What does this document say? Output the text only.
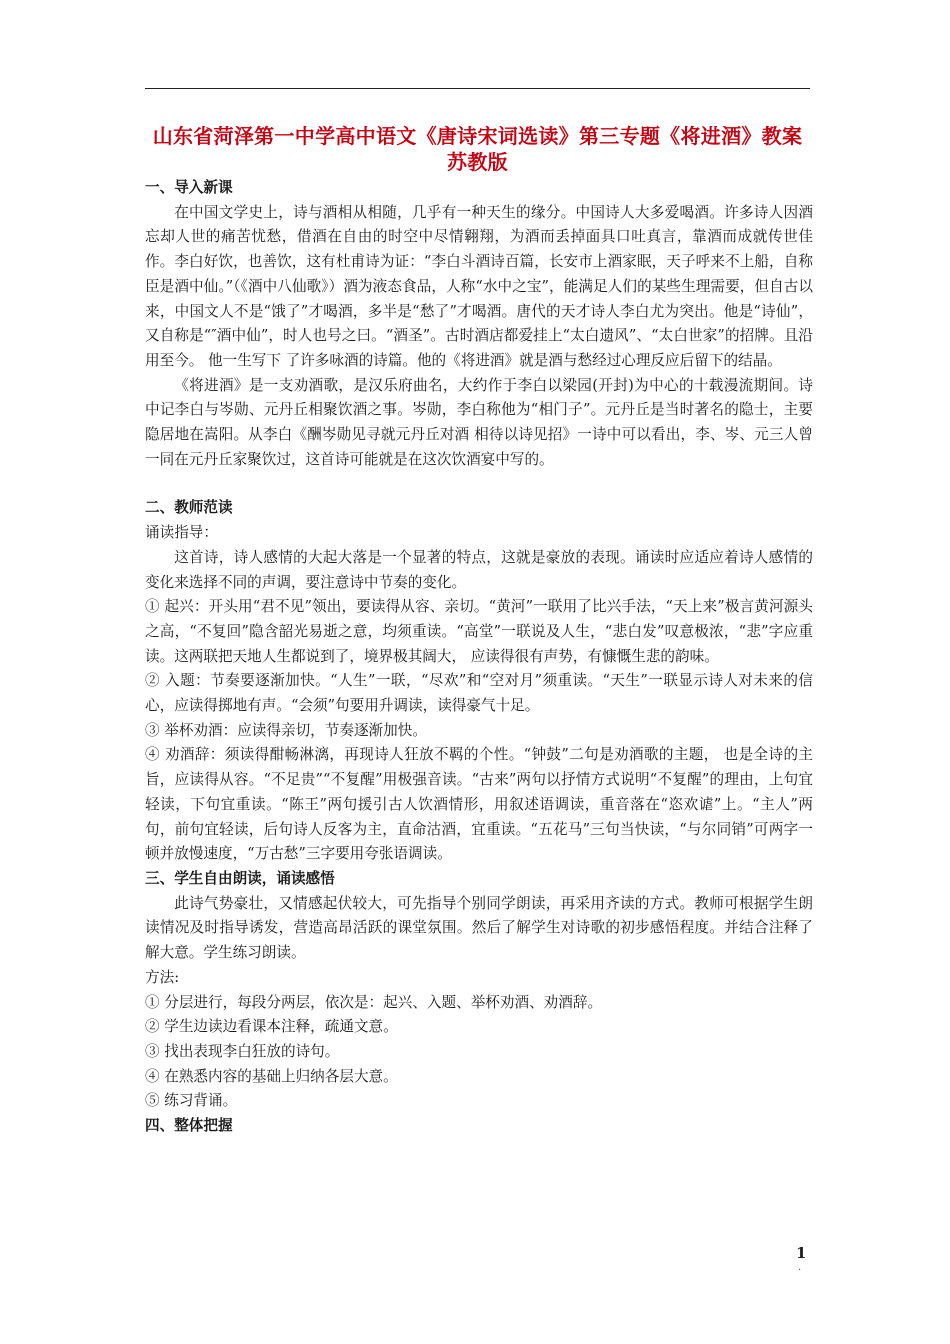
山东省菏泽第一中学高中语文《唐诗宋词选读》第三专题《将进酒》教案 苏教版

一、导入新课

在中国文学史上，诗与酒相从相随，几乎有一种天生的缘分。中国诗人大多爱喝酒。许多诗人因酒忘却人世的痛苦忧愁，借酒在自由的时空中尽情翱翔，为酒而丢掉面具口吐真言，靠酒而成就传世佳作。李白好饮，也善饮，这有杜甫诗为证：“李白斗酒诗百篇，长安市上酒家眠，天子呼来不上船，自称臣是酒中仙。”（《酒中八仙歌》）酒为液态食品，人称“水中之宝”，能满足人们的某些生理需要，但自古以来，中国文人不是“饿了”才喝酒，多半是“愁了”才喝酒。唐代的天才诗人李白尤为突出。他是“诗仙”，又自称是“″酒中仙”，时人也号之曰。“酒圣”。古时酒店都爱挂上“太白遗风”、“太白世家”的招牌。且沿用至今。 他一生写下 了许多咏酒的诗篇。他的《将进酒》就是酒与愁经过心理反应后留下的结晶。

《将进酒》是一支劝酒歌，是汉乐府曲名，大约作于李白以梁园(开封)为中心的十载漫流期间。诗中记李白与岑勋、元丹丘相聚饮酒之事。岑勋，李白称他为“相门子”。元丹丘是当时著名的隐士，主要隐居地在嵩阳。从李白《酬岑勋见寻就元丹丘对酒 相待以诗见招》一诗中可以看出，李、岑、元三人曾一同在元丹丘家聚饮过，这首诗可能就是在这次饮酒宴中写的。

二、教师范读

诵读指导：

这首诗，诗人感情的大起大落是一个显著的特点，这就是豪放的表现。诵读时应适应着诗人感情的变化来选择不同的声调，要注意诗中节奏的变化。

① 起兴：开头用“君不见”领出，要读得从容、亲切。“黄河”一联用了比兴手法，“天上来”极言黄河源头之高，“不复回”隐含韶光易逝之意，均须重读。“高堂”一联说及人生，“悲白发”叹意极浓，“悲”字应重读。这两联把天地人生都说到了，境界极其阔大， 应读得很有声势，有慷慨生悲的韵味。

② 入题：节奏要逐渐加快。“人生”一联，“尽欢”和“空对月”须重读。“天生”一联显示诗人对未来的信心，应读得掷地有声。“会须”句要用升调读，读得豪气十足。

③ 举杯劝酒：应读得亲切，节奏逐渐加快。

④ 劝酒辞：须读得酣畅淋漓，再现诗人狂放不羁的个性。“钟鼓”二句是劝酒歌的主题， 也是全诗的主旨，应读得从容。“不足贵”“不复醒”用极强音读。“古来”两句以抒情方式说明“不复醒”的理由，上句宜轻读，下句宜重读。“陈王”两句援引古人饮酒情形，用叙述语调读，重音落在“恣欢谑”上。“主人”两句，前句宜轻读，后句诗人反客为主，直命沽酒，宜重读。“五花马”三句当快读，“与尔同销”可两字一顿并放慢速度，“万古愁”三字要用夸张语调读。

三、学生自由朗读，诵读感悟

此诗气势豪壮，又情感起伏较大，可先指导个别同学朗读，再采用齐读的方式。教师可根据学生朗读情况及时指导诱发，营造高昂活跃的课堂氛围。然后了解学生对诗歌的初步感悟程度。并结合注释了解大意。学生练习朗读。

方法:

① 分层进行，每段分两层，依次是：起兴、入题、举杯劝酒、劝酒辞。

② 学生边读边看课本注释，疏通文意。

③ 找出表现李白狂放的诗句。

④ 在熟悉内容的基础上归纳各层大意。

⑤ 练习背诵。

四、整体把握

1
.
